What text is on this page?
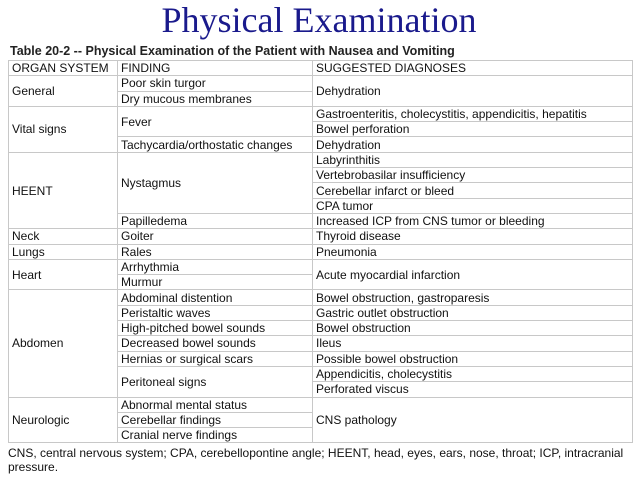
Physical Examination
Table 20-2 -- Physical Examination of the Patient with Nausea and Vomiting
ORGAN SYSTEM	FINDING	SUGGESTED DIAGNOSES
General	Poor skin turgor	Dehydration
	Dry mucous membranes	
Vital signs	Fever	Gastroenteritis, cholecystitis, appendicitis, hepatitis
		Bowel perforation
	Tachycardia/orthostatic changes	Dehydration
HEENT	Nystagmus	Labyrinthitis
		Vertebrobasilar insufficiency
		Cerebellar infarct or bleed
		CPA tumor
	Papilledema	Increased ICP from CNS tumor or bleeding
Neck	Goiter	Thyroid disease
Lungs	Rales	Pneumonia
Heart	Arrhythmia	Acute myocardial infarction
	Murmur	
Abdomen	Abdominal distention	Bowel obstruction, gastroparesis
	Peristaltic waves	Gastric outlet obstruction
	High-pitched bowel sounds	Bowel obstruction
	Decreased bowel sounds	Ileus
	Hernias or surgical scars	Possible bowel obstruction
	Peritoneal signs	Appendicitis, cholecystitis
		Perforated viscus
Neurologic	Abnormal mental status	CNS pathology
	Cerebellar findings	
	Cranial nerve findings	
CNS, central nervous system; CPA, cerebellopontine angle; HEENT, head, eyes, ears, nose, throat; ICP, intracranial pressure.
